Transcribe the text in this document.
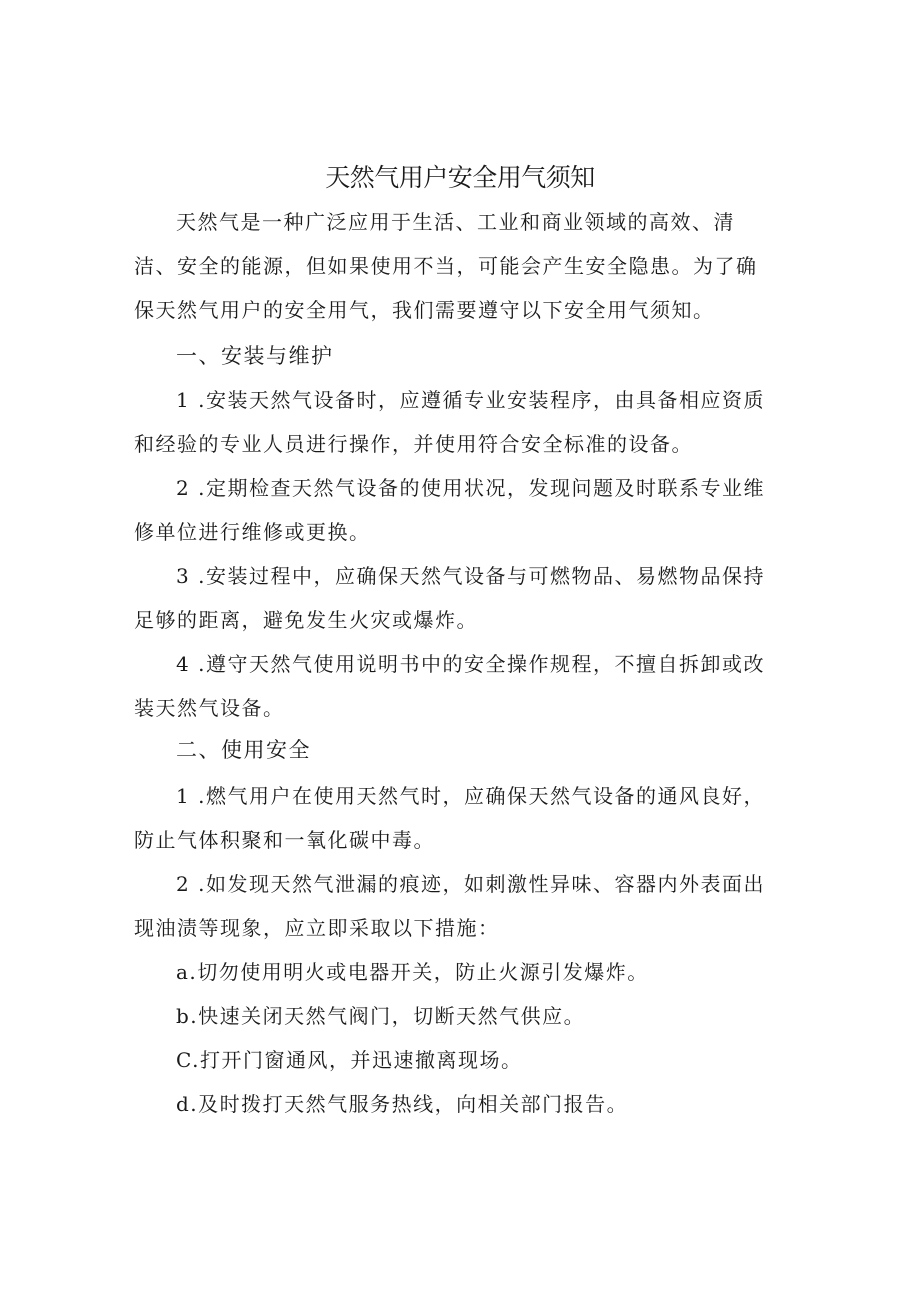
天然气用户安全用气须知

天然气是一种广泛应用于生活、工业和商业领域的高效、清洁、安全的能源，但如果使用不当，可能会产生安全隐患。为了确保天然气用户的安全用气，我们需要遵守以下安全用气须知。

一、安装与维护

1 .安装天然气设备时，应遵循专业安装程序，由具备相应资质和经验的专业人员进行操作，并使用符合安全标准的设备。

2 .定期检查天然气设备的使用状况，发现问题及时联系专业维修单位进行维修或更换。

3 .安装过程中，应确保天然气设备与可燃物品、易燃物品保持足够的距离，避免发生火灾或爆炸。

4 .遵守天然气使用说明书中的安全操作规程，不擅自拆卸或改装天然气设备。

二、使用安全

1 .燃气用户在使用天然气时，应确保天然气设备的通风良好，防止气体积聚和一氧化碳中毒。

2 .如发现天然气泄漏的痕迹，如刺激性异味、容器内外表面出现油渍等现象，应立即采取以下措施：

a.切勿使用明火或电器开关，防止火源引发爆炸。

b.快速关闭天然气阀门，切断天然气供应。

C.打开门窗通风，并迅速撤离现场。

d.及时拨打天然气服务热线，向相关部门报告。
